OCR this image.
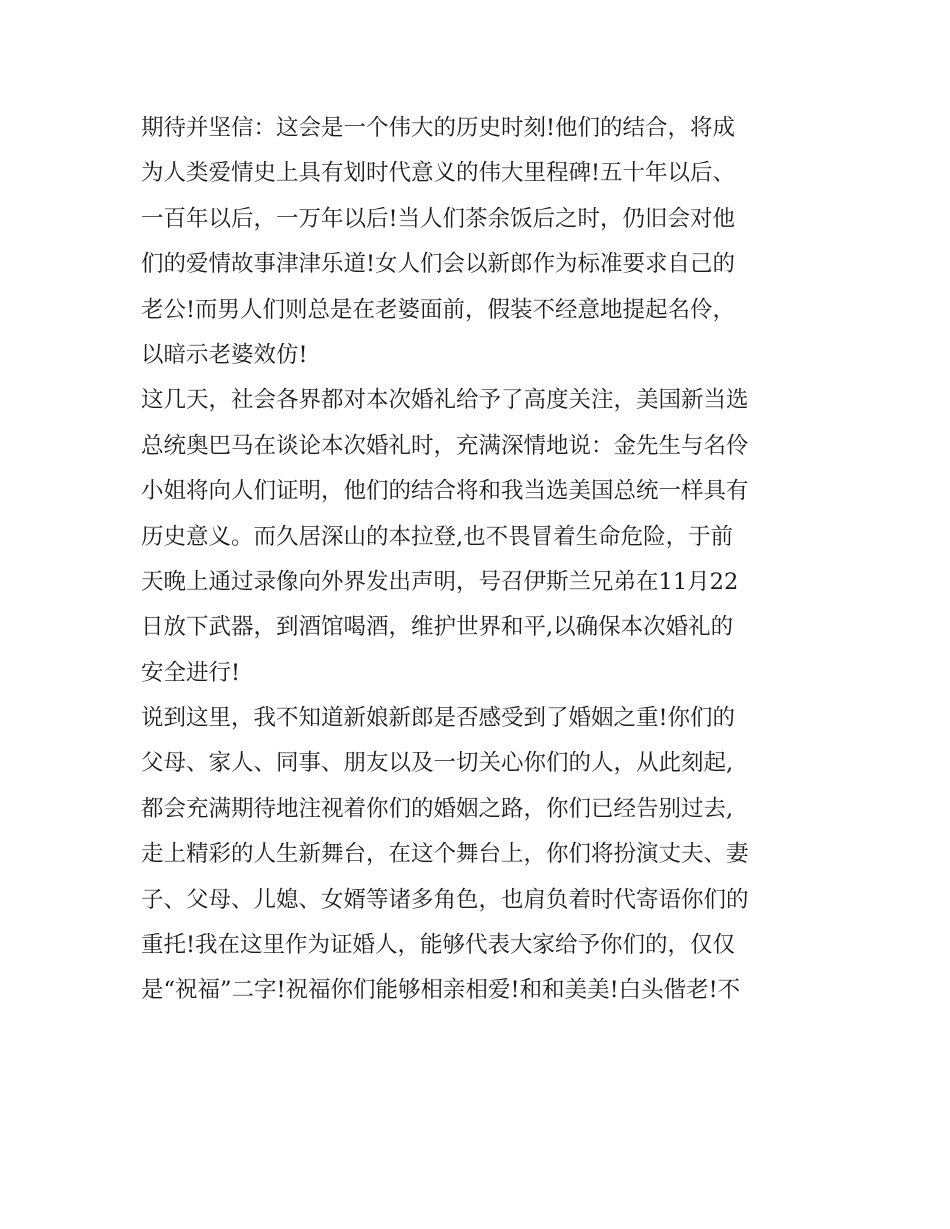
期待并坚信：这会是一个伟大的历史时刻!他们的结合，将成
为人类爱情史上具有划时代意义的伟大里程碑!五十年以后、
一百年以后，一万年以后!当人们茶余饭后之时，仍旧会对他
们的爱情故事津津乐道!女人们会以新郎作为标准要求自己的
老公!而男人们则总是在老婆面前，假装不经意地提起名伶，
以暗示老婆效仿!
这几天，社会各界都对本次婚礼给予了高度关注，美国新当选
总统奥巴马在谈论本次婚礼时，充满深情地说：金先生与名伶
小姐将向人们证明，他们的结合将和我当选美国总统一样具有
历史意义。而久居深山的本拉登,也不畏冒着生命危险，于前
天晚上通过录像向外界发出声明，号召伊斯兰兄弟在11月22
日放下武器，到酒馆喝酒，维护世界和平,以确保本次婚礼的
安全进行!
说到这里，我不知道新娘新郎是否感受到了婚姻之重!你们的
父母、家人、同事、朋友以及一切关心你们的人，从此刻起,
都会充满期待地注视着你们的婚姻之路，你们已经告别过去,
走上精彩的人生新舞台，在这个舞台上，你们将扮演丈夫、妻
子、父母、儿媳、女婿等诸多角色，也肩负着时代寄语你们的
重托!我在这里作为证婚人，能够代表大家给予你们的，仅仅
是“祝福”二字!祝福你们能够相亲相爱!和和美美!白头偕老!不
